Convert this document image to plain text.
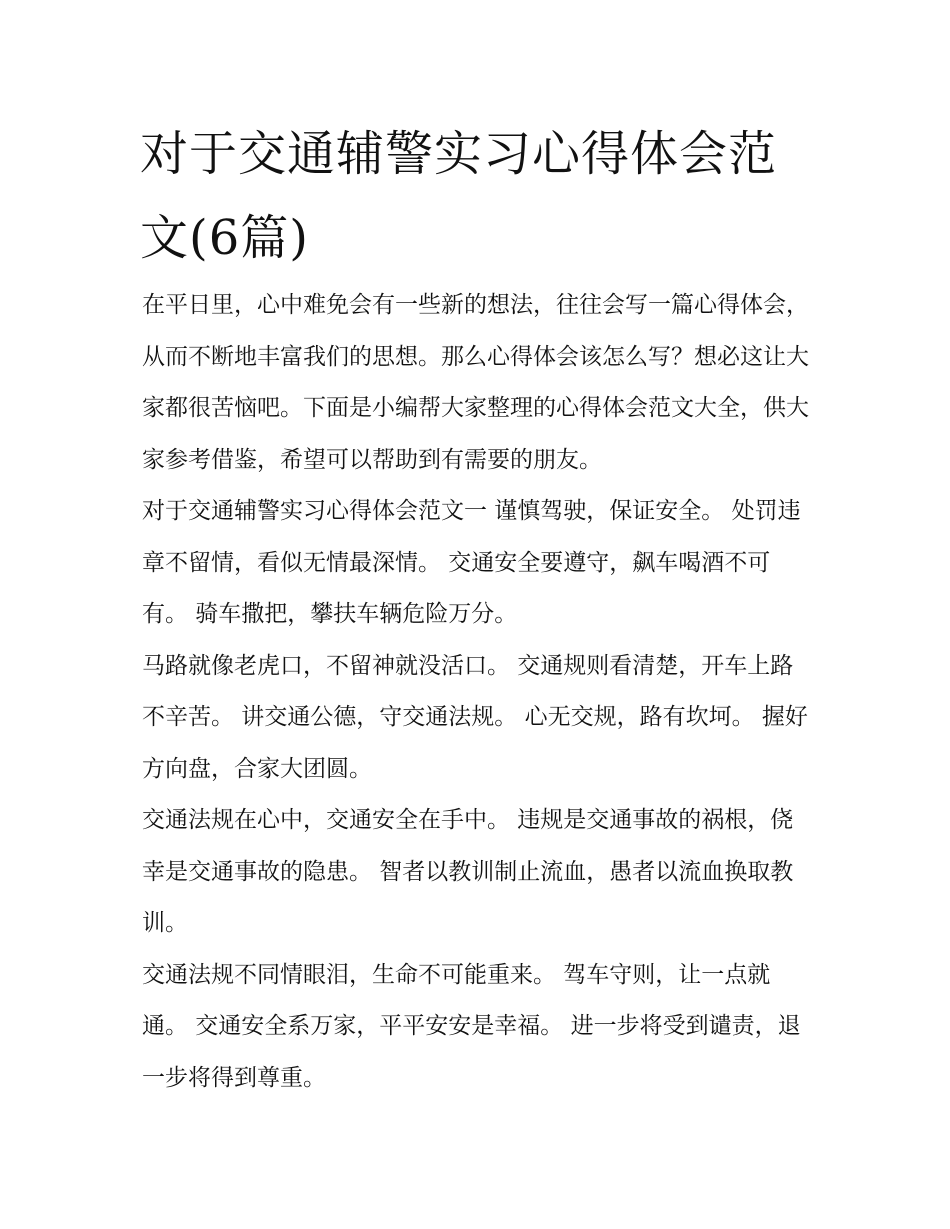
对于交通辅警实习心得体会范文(6篇)

在平日里，心中难免会有一些新的想法，往往会写一篇心得体会，从而不断地丰富我们的思想。那么心得体会该怎么写？想必这让大家都很苦恼吧。下面是小编帮大家整理的心得体会范文大全，供大家参考借鉴，希望可以帮助到有需要的朋友。

对于交通辅警实习心得体会范文一 谨慎驾驶，保证安全。 处罚违章不留情，看似无情最深情。 交通安全要遵守，飙车喝酒不可有。 骑车撒把，攀扶车辆危险万分。

马路就像老虎口，不留神就没活口。 交通规则看清楚，开车上路不辛苦。 讲交通公德，守交通法规。 心无交规，路有坎坷。 握好方向盘，合家大团圆。

交通法规在心中，交通安全在手中。 违规是交通事故的祸根，侥幸是交通事故的隐患。 智者以教训制止流血，愚者以流血换取教训。

交通法规不同情眼泪，生命不可能重来。 驾车守则，让一点就通。 交通安全系万家，平平安安是幸福。 进一步将受到谴责，退一步将得到尊重。
